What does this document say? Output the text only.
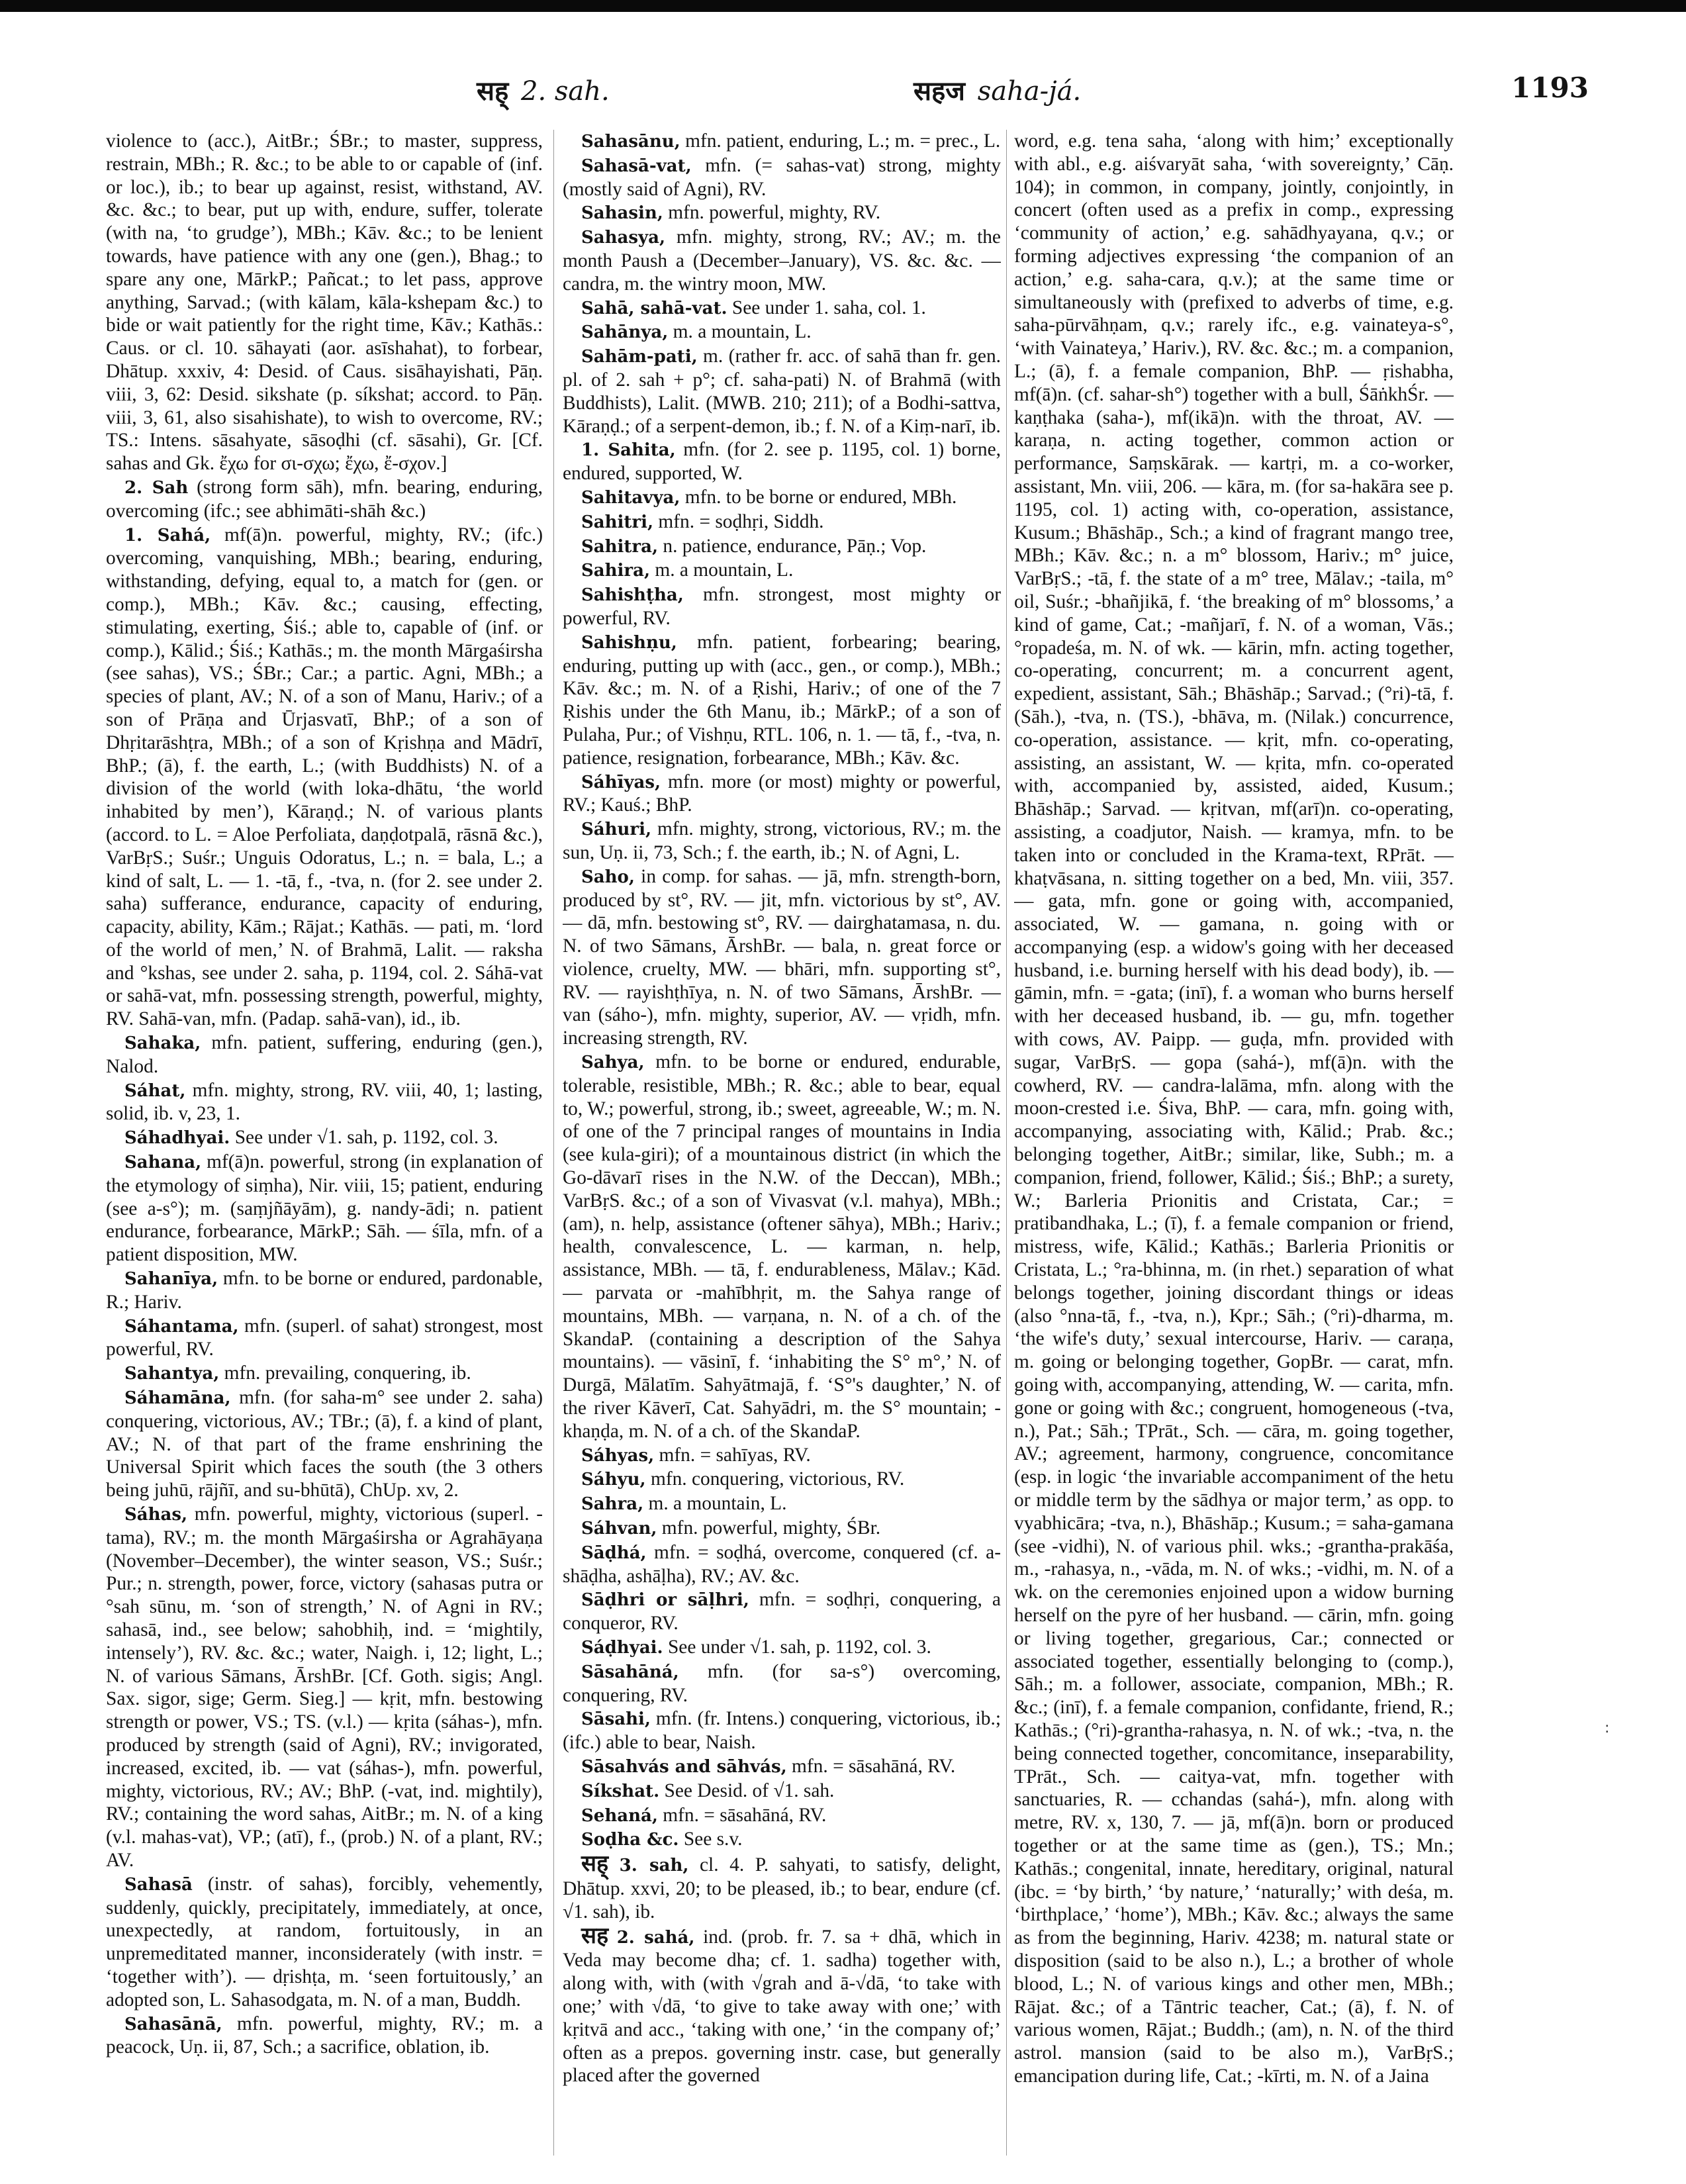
सह् 2. sah.	सहज saha-já.	1193

violence to (acc.), AitBr.; ŚBr.; to master, suppress, restrain, MBh.; R. &c.; to be able to or capable of (inf. or loc.), ib.; to bear up against, resist, withstand, AV. &c. &c.; to bear, put up with, endure, suffer, tolerate (with na, ‘to grudge’), MBh.; Kāv. &c.; to be lenient towards, have patience with any one (gen.), Bhag.; to spare any one, MārkP.; Pañcat.; to let pass, approve anything, Sarvad.; (with kālam, kāla-kshepam &c.) to bide or wait patiently for the right time, Kāv.; Kathās.: Caus. or cl. 10. sāhayati (aor. asīshahat), to forbear, Dhātup. xxxiv, 4: Desid. of Caus. sisāhayishati, Pāṇ. viii, 3, 62: Desid. sikshate (p. síkshat; accord. to Pāṇ. viii, 3, 61, also sisahishate), to wish to overcome, RV.; TS.: Intens. sāsahyate, sāsoḍhi (cf. sāsahi), Gr. [Cf. sahas and Gk. ἔχω for σι-σχω; ἔχω, ἔ-σχον.]

2. Sah (strong form sāh), mfn. bearing, enduring, overcoming (ifc.; see abhimāti-shāh &c.)

1. Sahá, mf(ā)n. powerful, mighty, RV.; (ifc.) overcoming, vanquishing, MBh.; bearing, enduring, withstanding, defying, equal to, a match for (gen. or comp.), MBh.; Kāv. &c.; causing, effecting, stimulating, exerting, Śiś.; able to, capable of (inf. or comp.), Kālid.; Śiś.; Kathās.; m. the month Mārgaśirsha (see sahas), VS.; ŚBr.; Car.; a partic. Agni, MBh.; a species of plant, AV.; N. of a son of Manu, Hariv.; of a son of Prāṇa and Ūrjasvatī, BhP.; of a son of Dhṛitarāshṭra, MBh.; of a son of Kṛishṇa and Mādrī, BhP.; (ā), f. the earth, L.; (with Buddhists) N. of a division of the world (with loka-dhātu, ‘the world inhabited by men’), Kāraṇḍ.; N. of various plants (accord. to L. = Aloe Perfoliata, daṇḍotpalā, rāsnā &c.), VarBṛS.; Suśr.; Unguis Odoratus, L.; n. = bala, L.; a kind of salt, L. — 1. -tā, f., -tva, n. (for 2. see under 2. saha) sufferance, endurance, capacity of enduring, capacity, ability, Kām.; Rājat.; Kathās. — pati, m. ‘lord of the world of men,’ N. of Brahmā, Lalit. — raksha and °kshas, see under 2. saha, p. 1194, col. 2. Sáhā-vat or sahā-vat, mfn. possessing strength, powerful, mighty, RV. Sahā-van, mfn. (Padap. sahā-van), id., ib.

Sahaka, mfn. patient, suffering, enduring (gen.), Nalod.

Sáhat, mfn. mighty, strong, RV. viii, 40, 1; lasting, solid, ib. v, 23, 1.

Sáhadhyai. See under √1. sah, p. 1192, col. 3.

Sahana, mf(ā)n. powerful, strong (in explanation of the etymology of siṃha), Nir. viii, 15; patient, enduring (see a-s°); m. (saṃjñāyām), g. nandy-ādi; n. patient endurance, forbearance, MārkP.; Sāh. — śīla, mfn. of a patient disposition, MW.

Sahanīya, mfn. to be borne or endured, pardonable, R.; Hariv.

Sáhantama, mfn. (superl. of sahat) strongest, most powerful, RV.

Sahantya, mfn. prevailing, conquering, ib.

Sáhamāna, mfn. (for saha-m° see under 2. saha) conquering, victorious, AV.; TBr.; (ā), f. a kind of plant, AV.; N. of that part of the frame enshrining the Universal Spirit which faces the south (the 3 others being juhū, rājñī, and su-bhūtā), ChUp. xv, 2.

Sáhas, mfn. powerful, mighty, victorious (superl. -tama), RV.; m. the month Mārgaśirsha or Agrahāyaṇa (November–December), the winter season, VS.; Suśr.; Pur.; n. strength, power, force, victory (sahasas putra or °sah sūnu, m. ‘son of strength,’ N. of Agni in RV.; sahasā, ind., see below; sahobhiḥ, ind. = ‘mightily, intensely’), RV. &c. &c.; water, Naigh. i, 12; light, L.; N. of various Sāmans, ĀrshBr. [Cf. Goth. sigis; Angl. Sax. sigor, sige; Germ. Sieg.] — kṛit, mfn. bestowing strength or power, VS.; TS. (v.l.) — kṛita (sáhas-), mfn. produced by strength (said of Agni), RV.; invigorated, increased, excited, ib. — vat (sáhas-), mfn. powerful, mighty, victorious, RV.; AV.; BhP. (-vat, ind. mightily), RV.; containing the word sahas, AitBr.; m. N. of a king (v.l. mahas-vat), VP.; (atī), f., (prob.) N. of a plant, RV.; AV.

Sahasā (instr. of sahas), forcibly, vehemently, suddenly, quickly, precipitately, immediately, at once, unexpectedly, at random, fortuitously, in an unpremeditated manner, inconsiderately (with instr. = ‘together with’). — dṛishṭa, m. ‘seen fortuitously,’ an adopted son, L. Sahasodgata, m. N. of a man, Buddh.

Sahasānā, mfn. powerful, mighty, RV.; m. a peacock, Uṇ. ii, 87, Sch.; a sacrifice, oblation, ib.

Sahasānu, mfn. patient, enduring, L.; m. = prec., L.

Sahasā-vat, mfn. (= sahas-vat) strong, mighty (mostly said of Agni), RV.

Sahasin, mfn. powerful, mighty, RV.

Sahasya, mfn. mighty, strong, RV.; AV.; m. the month Paush a (December–January), VS. &c. &c. — candra, m. the wintry moon, MW.

Sahā, sahā-vat. See under 1. saha, col. 1.

Sahānya, m. a mountain, L.

Sahām-pati, m. (rather fr. acc. of sahā than fr. gen. pl. of 2. sah + p°; cf. saha-pati) N. of Brahmā (with Buddhists), Lalit. (MWB. 210; 211); of a Bodhi-sattva, Kāraṇḍ.; of a serpent-demon, ib.; f. N. of a Kiṃ-narī, ib.

1. Sahita, mfn. (for 2. see p. 1195, col. 1) borne, endured, supported, W.

Sahitavya, mfn. to be borne or endured, MBh.

Sahitri, mfn. = soḍhṛi, Siddh.

Sahitra, n. patience, endurance, Pāṇ.; Vop.

Sahira, m. a mountain, L.

Sahishṭha, mfn. strongest, most mighty or powerful, RV.

Sahishṇu, mfn. patient, forbearing; bearing, enduring, putting up with (acc., gen., or comp.), MBh.; Kāv. &c.; m. N. of a Ṛishi, Hariv.; of one of the 7 Ṛishis under the 6th Manu, ib.; MārkP.; of a son of Pulaha, Pur.; of Vishṇu, RTL. 106, n. 1. — tā, f., -tva, n. patience, resignation, forbearance, MBh.; Kāv. &c.

Sáhīyas, mfn. more (or most) mighty or powerful, RV.; Kauś.; BhP.

Sáhuri, mfn. mighty, strong, victorious, RV.; m. the sun, Uṇ. ii, 73, Sch.; f. the earth, ib.; N. of Agni, L.

Saho, in comp. for sahas. — jā, mfn. strength-born, produced by st°, RV. — jit, mfn. victorious by st°, AV. — dā, mfn. bestowing st°, RV. — dairghatamasa, n. du. N. of two Sāmans, ĀrshBr. — bala, n. great force or violence, cruelty, MW. — bhāri, mfn. supporting st°, RV. — rayishṭhīya, n. N. of two Sāmans, ĀrshBr. — van (sáho-), mfn. mighty, superior, AV. — vṛidh, mfn. increasing strength, RV.

Sahya, mfn. to be borne or endured, endurable, tolerable, resistible, MBh.; R. &c.; able to bear, equal to, W.; powerful, strong, ib.; sweet, agreeable, W.; m. N. of one of the 7 principal ranges of mountains in India (see kula-giri); of a mountainous district (in which the Go-dāvarī rises in the N.W. of the Deccan), MBh.; VarBṛS. &c.; of a son of Vivasvat (v.l. mahya), MBh.; (am), n. help, assistance (oftener sāhya), MBh.; Hariv.; health, convalescence, L. — karman, n. help, assistance, MBh. — tā, f. endurableness, Mālav.; Kād. — parvata or -mahībhṛit, m. the Sahya range of mountains, MBh. — varṇana, n. N. of a ch. of the SkandaP. (containing a description of the Sahya mountains). — vāsinī, f. ‘inhabiting the S° m°,’ N. of Durgā, Mālatīm. Sahyātmajā, f. ‘S°'s daughter,’ N. of the river Kāverī, Cat. Sahyādri, m. the S° mountain; -khaṇḍa, m. N. of a ch. of the SkandaP.

Sáhyas, mfn. = sahīyas, RV.

Sáhyu, mfn. conquering, victorious, RV.

Sahra, m. a mountain, L.

Sáhvan, mfn. powerful, mighty, ŚBr.

Sāḍhá, mfn. = soḍhá, overcome, conquered (cf. a-shāḍha, ashāḷha), RV.; AV. &c.

Sāḍhri or sāḷhri, mfn. = soḍhṛi, conquering, a conqueror, RV.

Sáḍhyai. See under √1. sah, p. 1192, col. 3.

Sāsahāná, mfn. (for sa-s°) overcoming, conquering, RV.

Sāsahi, mfn. (fr. Intens.) conquering, victorious, ib.; (ifc.) able to bear, Naish.

Sāsahvás and sāhvás, mfn. = sāsahāná, RV.

Síkshat. See Desid. of √1. sah.

Sehaná, mfn. = sāsahāná, RV.

Soḍha &c. See s.v.

सह् 3. sah, cl. 4. P. sahyati, to satisfy, delight, Dhātup. xxvi, 20; to be pleased, ib.; to bear, endure (cf. √1. sah), ib.

सह 2. sahá, ind. (prob. fr. 7. sa + dhā, which in Veda may become dha; cf. 1. sadha) together with, along with, with (with √grah and ā-√dā, ‘to take with one;’ with √dā, ‘to give to take away with one;’ with kṛitvā and acc., ‘taking with one,’ ‘in the company of;’ often as a prepos. governing instr. case, but generally placed after the governed

word, e.g. tena saha, ‘along with him;’ exceptionally with abl., e.g. aiśvaryāt saha, ‘with sovereignty,’ Cāṇ. 104); in common, in company, jointly, conjointly, in concert (often used as a prefix in comp., expressing ‘community of action,’ e.g. sahādhyayana, q.v.; or forming adjectives expressing ‘the companion of an action,’ e.g. saha-cara, q.v.); at the same time or simultaneously with (prefixed to adverbs of time, e.g. saha-pūrvāhṇam, q.v.; rarely ifc., e.g. vainateya-s°, ‘with Vainateya,’ Hariv.), RV. &c. &c.; m. a companion, L.; (ā), f. a female companion, BhP. — ṛishabha, mf(ā)n. (cf. sahar-sh°) together with a bull, ŚāṅkhŚr. — kaṇṭhaka (saha-), mf(ikā)n. with the throat, AV. — karaṇa, n. acting together, common action or performance, Saṃskārak. — kartṛi, m. a co-worker, assistant, Mn. viii, 206. — kāra, m. (for sa-hakāra see p. 1195, col. 1) acting with, co-operation, assistance, Kusum.; Bhāshāp., Sch.; a kind of fragrant mango tree, MBh.; Kāv. &c.; n. a m° blossom, Hariv.; m° juice, VarBṛS.; -tā, f. the state of a m° tree, Mālav.; -taila, m° oil, Suśr.; -bhañjikā, f. ‘the breaking of m° blossoms,’ a kind of game, Cat.; -mañjarī, f. N. of a woman, Vās.; °ropadeśa, m. N. of wk. — kārin, mfn. acting together, co-operating, concurrent; m. a concurrent agent, expedient, assistant, Sāh.; Bhāshāp.; Sarvad.; (°ri)-tā, f. (Sāh.), -tva, n. (TS.), -bhāva, m. (Nilak.) concurrence, co-operation, assistance. — kṛit, mfn. co-operating, assisting, an assistant, W. — kṛita, mfn. co-operated with, accompanied by, assisted, aided, Kusum.; Bhāshāp.; Sarvad. — kṛitvan, mf(arī)n. co-operating, assisting, a coadjutor, Naish. — kramya, mfn. to be taken into or concluded in the Krama-text, RPrāt. — khaṭvāsana, n. sitting together on a bed, Mn. viii, 357. — gata, mfn. gone or going with, accompanied, associated, W. — gamana, n. going with or accompanying (esp. a widow's going with her deceased husband, i.e. burning herself with his dead body), ib. — gāmin, mfn. = -gata; (inī), f. a woman who burns herself with her deceased husband, ib. — gu, mfn. together with cows, AV. Paipp. — guḍa, mfn. provided with sugar, VarBṛS. — gopa (sahá-), mf(ā)n. with the cowherd, RV. — candra-lalāma, mfn. along with the moon-crested i.e. Śiva, BhP. — cara, mfn. going with, accompanying, associating with, Kālid.; Prab. &c.; belonging together, AitBr.; similar, like, Subh.; m. a companion, friend, follower, Kālid.; Śiś.; BhP.; a surety, W.; Barleria Prionitis and Cristata, Car.; = pratibandhaka, L.; (ī), f. a female companion or friend, mistress, wife, Kālid.; Kathās.; Barleria Prionitis or Cristata, L.; °ra-bhinna, m. (in rhet.) separation of what belongs together, joining discordant things or ideas (also °nna-tā, f., -tva, n.), Kpr.; Sāh.; (°ri)-dharma, m. ‘the wife's duty,’ sexual intercourse, Hariv. — caraṇa, m. going or belonging together, GopBr. — carat, mfn. going with, accompanying, attending, W. — carita, mfn. gone or going with &c.; congruent, homogeneous (-tva, n.), Pat.; Sāh.; TPrāt., Sch. — cāra, m. going together, AV.; agreement, harmony, congruence, concomitance (esp. in logic ‘the invariable accompaniment of the hetu or middle term by the sādhya or major term,’ as opp. to vyabhicāra; -tva, n.), Bhāshāp.; Kusum.; = saha-gamana (see -vidhi), N. of various phil. wks.; -grantha-prakāśa, m., -rahasya, n., -vāda, m. N. of wks.; -vidhi, m. N. of a wk. on the ceremonies enjoined upon a widow burning herself on the pyre of her husband. — cārin, mfn. going or living together, gregarious, Car.; connected or associated together, essentially belonging to (comp.), Sāh.; m. a follower, associate, companion, MBh.; R. &c.; (inī), f. a female companion, confidante, friend, R.; Kathās.; (°ri)-grantha-rahasya, n. N. of wk.; -tva, n. the being connected together, concomitance, inseparability, TPrāt., Sch. — caitya-vat, mfn. together with sanctuaries, R. — cchandas (sahá-), mfn. along with metre, RV. x, 130, 7. — jā, mf(ā)n. born or produced together or at the same time as (gen.), TS.; Mn.; Kathās.; congenital, innate, hereditary, original, natural (ibc. = ‘by birth,’ ‘by nature,’ ‘naturally;’ with deśa, m. ‘birthplace,’ ‘home’), MBh.; Kāv. &c.; always the same as from the beginning, Hariv. 4238; m. natural state or disposition (said to be also n.), L.; a brother of whole blood, L.; N. of various kings and other men, MBh.; Rājat. &c.; of a Tāntric teacher, Cat.; (ā), f. N. of various women, Rājat.; Buddh.; (am), n. N. of the third astrol. mansion (said to be also m.), VarBṛS.; emancipation during life, Cat.; -kīrti, m. N. of a Jaina

:
